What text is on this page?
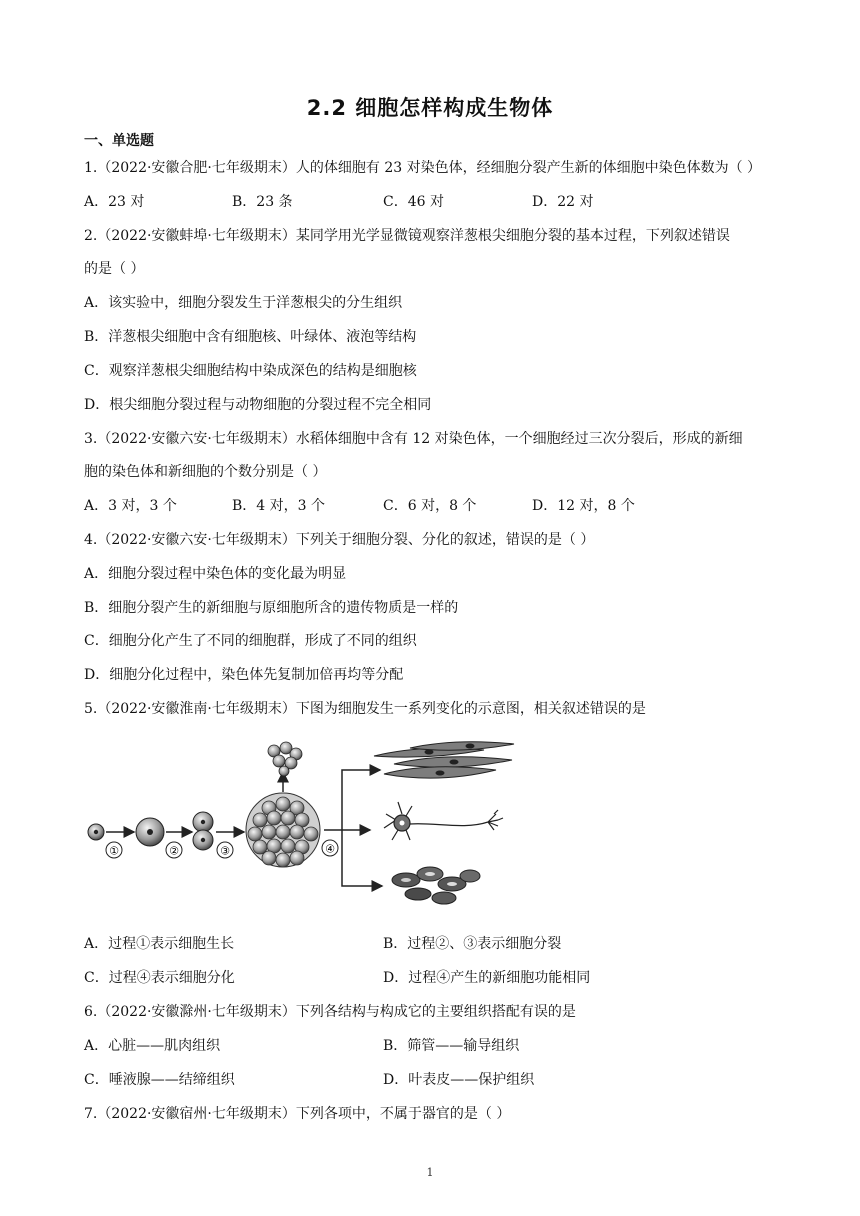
2.2 细胞怎样构成生物体
一、单选题
1.（2022·安徽合肥·七年级期末）人的体细胞有 23 对染色体，经细胞分裂产生新的体细胞中染色体数为（ ）
A．23 对	B．23 条	C．46 对	D．22 对
2.（2022·安徽蚌埠·七年级期末）某同学用光学显微镜观察洋葱根尖细胞分裂的基本过程，下列叙述错误
的是（ ）
A．该实验中，细胞分裂发生于洋葱根尖的分生组织
B．洋葱根尖细胞中含有细胞核、叶绿体、液泡等结构
C．观察洋葱根尖细胞结构中染成深色的结构是细胞核
D．根尖细胞分裂过程与动物细胞的分裂过程不完全相同
3.（2022·安徽六安·七年级期末）水稻体细胞中含有 12 对染色体，一个细胞经过三次分裂后，形成的新细
胞的染色体和新细胞的个数分别是（ ）
A．3 对，3 个	B．4 对，3 个	C．6 对，8 个	D．12 对，8 个
4.（2022·安徽六安·七年级期末）下列关于细胞分裂、分化的叙述，错误的是（ ）
A．细胞分裂过程中染色体的变化最为明显
B．细胞分裂产生的新细胞与原细胞所含的遗传物质是一样的
C．细胞分化产生了不同的细胞群，形成了不同的组织
D．细胞分化过程中，染色体先复制加倍再均等分配
5.（2022·安徽淮南·七年级期末）下图为细胞发生一系列变化的示意图，相关叙述错误的是
①	②	③	④
A．过程①表示细胞生长	B．过程②、③表示细胞分裂
C．过程④表示细胞分化	D．过程④产生的新细胞功能相同
6.（2022·安徽滁州·七年级期末）下列各结构与构成它的主要组织搭配有误的是
A．心脏——肌肉组织	B．筛管——输导组织
C．唾液腺——结缔组织	D．叶表皮——保护组织
7.（2022·安徽宿州·七年级期末）下列各项中，不属于器官的是（ ）
1
